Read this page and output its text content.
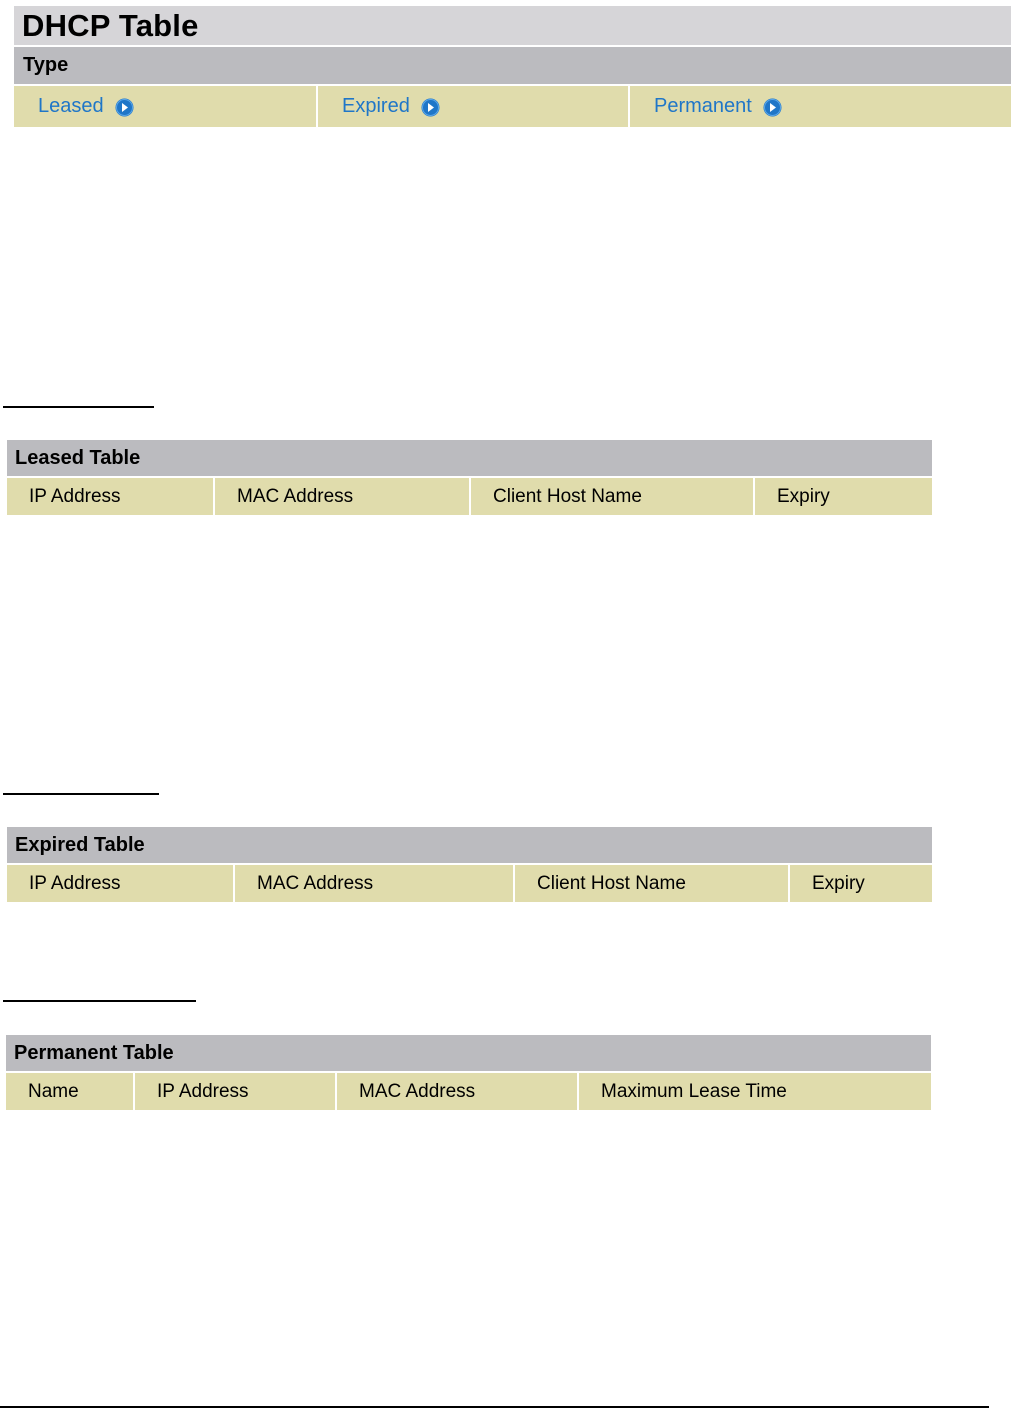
DHCP Table
Type
Leased	Expired	Permanent
Leased Table
IP Address	MAC Address	Client Host Name	Expiry
Expired Table
IP Address	MAC Address	Client Host Name	Expiry
Permanent Table
Name	IP Address	MAC Address	Maximum Lease Time
